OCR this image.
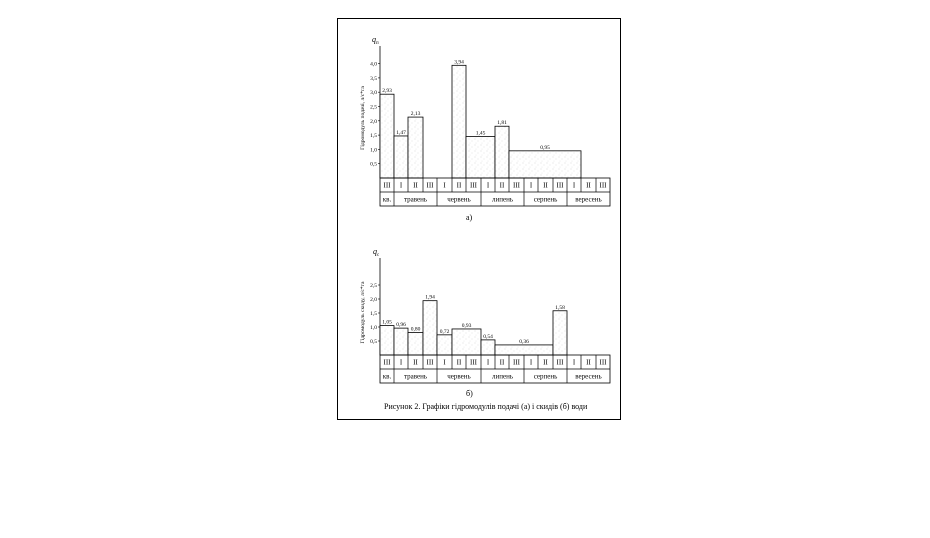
q п
Гідромодуль подачі, л/с*га
0,5
1,0
1,5
2,0
2,5
3,0
3,5
4,0
2,93
1,47
2,13
3,94
1,45
1,81
0,95
III I II III I II III I II III I II III I II III
кв. травень	червень	липень	серпень	вересень
q с
Гідромодуль скиду, л/с*га 0,5
1,0
1,5
2,0
2,5
1,05 0,96
0,80
1,94
0,72
0,93
0,54
0,36
1,58
III I II III I II III I II III I II III I II III
кв. травень	червень	липень	серпень	вересень
а)
б)
Рисунок 2. Графіки гідромодулів подачі (а) і скидів (б) води
